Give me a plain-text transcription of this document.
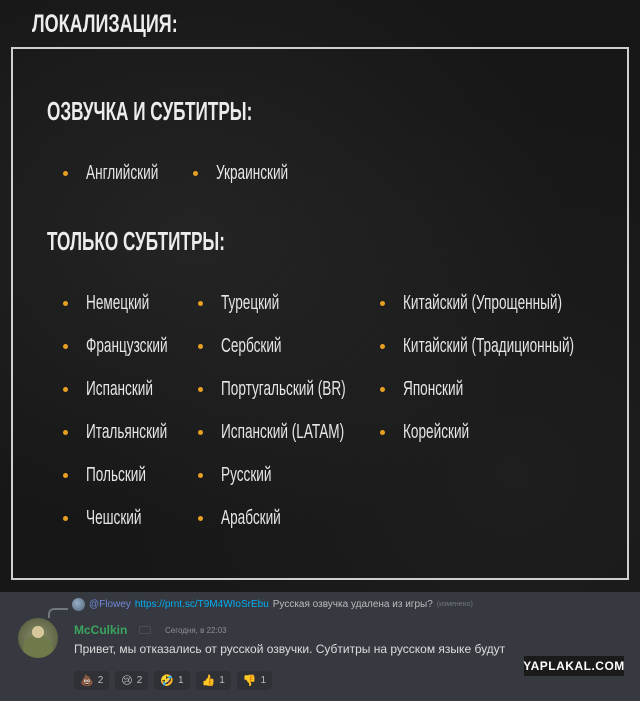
ЛОКАЛИЗАЦИЯ:
ОЗВУЧКА И СУБТИТРЫ:
Английский	Украинский
ТОЛЬКО СУБТИТРЫ:
Немецкий
Французский
Испанский
Итальянский
Польский
Чешский
Турецкий
Сербский
Португальский (BR)
Испанский (LATAM)
Русский
Арабский
Китайский (Упрощенный)
Китайский (Традиционный)
Японский
Корейский
@Flowey https://prnt.sc/T9M4WIoSrEbu Русская озвучка удалена из игры? (изменено)
McCulkin	Сегодня, в 22:03
Привет, мы отказались от русской озвучки. Субтитры на русском языке будут
YAPLAKAL.COM
💩 2 😢 2 🤣 1 👍 1 👎 1
